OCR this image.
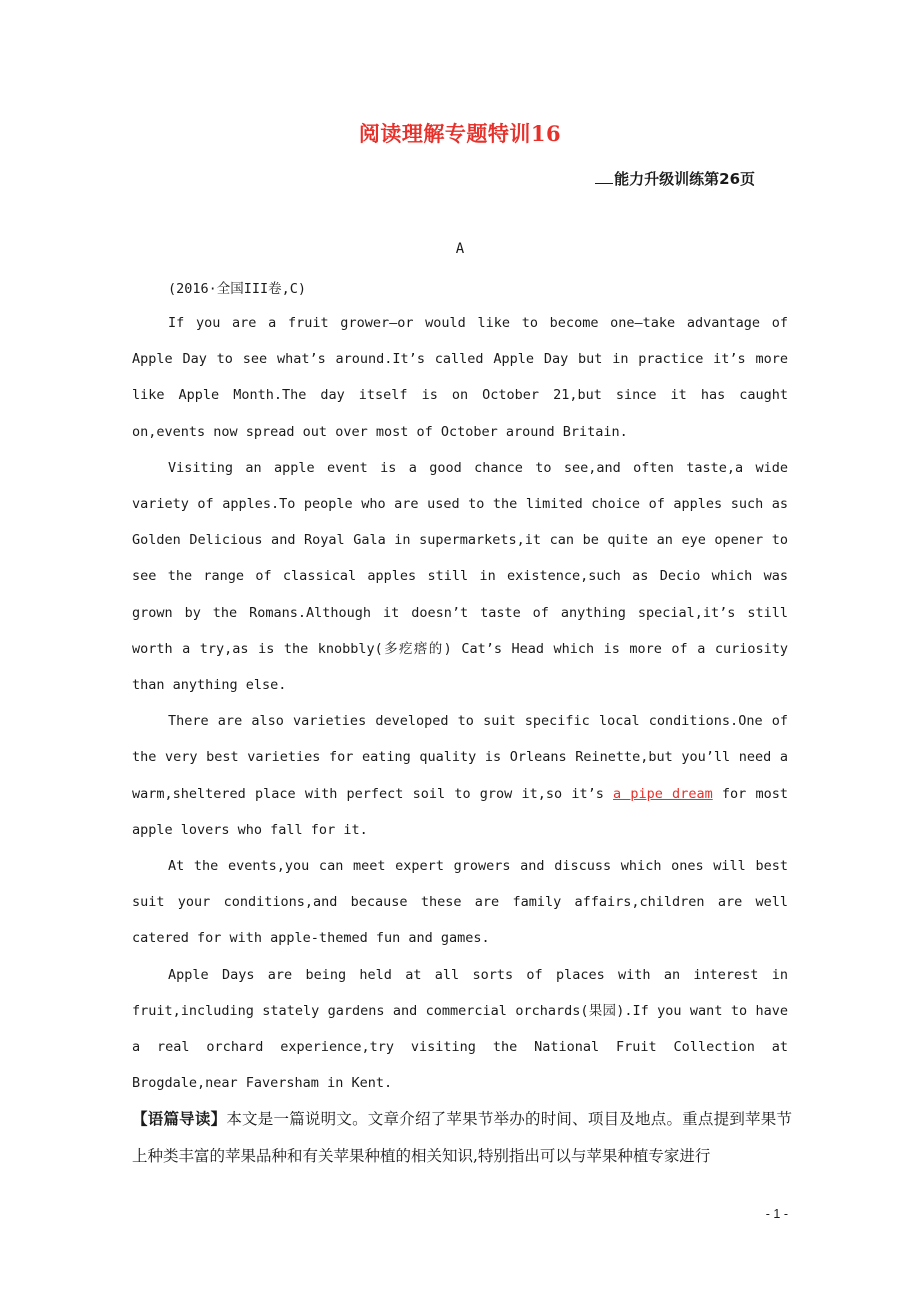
阅读理解专题特训16
能力升级训练第26页
A
(2016·全国III卷,C)

If you are a fruit grower—or would like to become one—take advantage of Apple Day to see what’s around.It’s called Apple Day but in practice it’s more like Apple Month.The day itself is on October 21,but since it has caught on,events now spread out over most of October around Britain.

Visiting an apple event is a good chance to see,and often taste,a wide variety of apples.To people who are used to the limited choice of apples such as Golden Delicious and Royal Gala in supermarkets,it can be quite an eye opener to see the range of classical apples still in existence,such as Decio which was grown by the Romans.Although it doesn’t taste of anything special,it’s still worth a try,as is the knobbly(多疙瘩的) Cat’s Head which is more of a curiosity than anything else.

There are also varieties developed to suit specific local conditions.One of the very best varieties for eating quality is Orleans Reinette,but you’ll need a warm,sheltered place with perfect soil to grow it,so it’s a pipe dream for most apple lovers who fall for it.

At the events,you can meet expert growers and discuss which ones will best suit your conditions,and because these are family affairs,children are well catered for with apple-themed fun and games.

Apple Days are being held at all sorts of places with an interest in fruit,including stately gardens and commercial orchards(果园).If you want to have a real orchard experience,try visiting the National Fruit Collection at Brogdale,near Faversham in Kent.

【语篇导读】本文是一篇说明文。文章介绍了苹果节举办的时间、项目及地点。重点提到苹果节上种类丰富的苹果品种和有关苹果种植的相关知识,特别指出可以与苹果种植专家进行
- 1 -
